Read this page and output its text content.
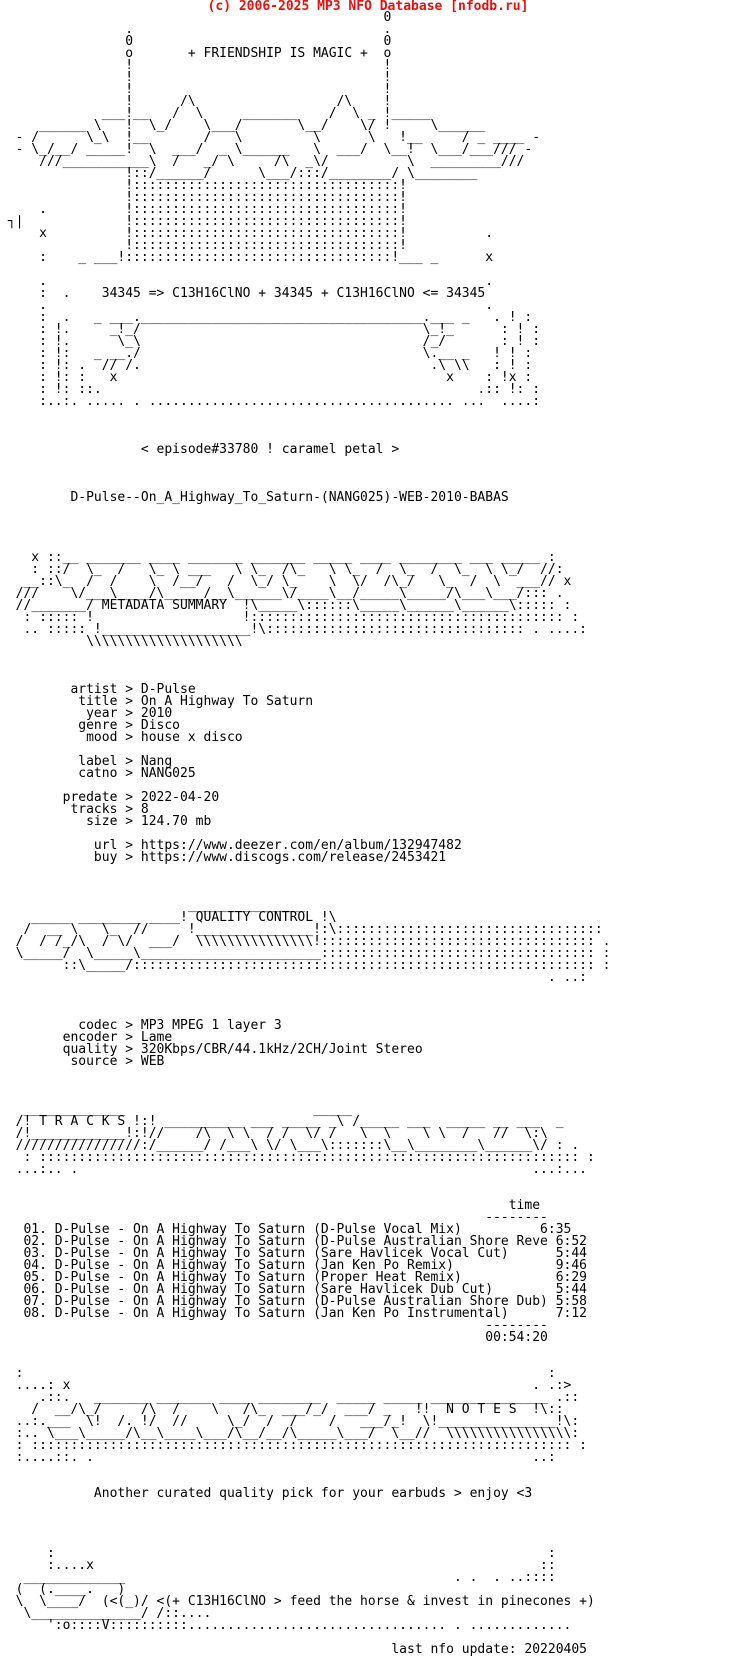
(c) 2006-2025 MP3 NFO Database [nfodb.ru]
0
.                                .
0                                0
o       + FRIENDSHIP IS MAGIC +  o
!                                !
!                                !
!                                !
!      /\                  /\    !
___!__   /  \     _______    /  \ _ !_____
______ \   !  \_/    \___/       \__/    \/ !     \______
- /      \_\  !__       /   \         \      \   !__     / _ ____ -
- \_/__/ _____!  \  ___/  _ \______   \  ___/  \__!  \___/___/// -
///___________\  /   _/ \     /\  _\/          \  _________///
!::/______/      \___/:::/________/ \________
!::::::::::::::::::::::::::::::::::!
!::::::::::::::::::::::::::::::::::!
.          !::::::::::::::::::::::::::::::::::!
┐|             !::::::::::::::::::::::::::::::::::!
x          !::::::::::::::::::::::::::::::::::!          .
!::::::::::::::::::::::::::::::::::!
:    _ ___!::::::::::::::::::::::::::::::::::!___ _      x

.                                                        .
:  .    34345 => C13H16ClNO + 34345 + C13H16ClNO <= 34345
.                                                        .
:  .   _ ___.____________________________________.___ _   . ! :
: !.     _!_/                                    \_!_      : ! :
: !.      \_\                                    /_/       : ! :
: !:   _ __./                                    \.__ _   ! ! :
: !: .  // /.                                     .\ \\   : ! :
: !: :   x                                          x    : !x :
: !: ::.                                                .:: !: :
:..:. ..... . ....................................... ...  ....:

< episode#33780 ! caramel petal >

D-Pulse--On_A_Highway_To_Saturn-(NANG025)-WEB-2010-BABAS

x ::__ _______ ____ _______ _______ _____ ____ ________ ___ _____ :
: ::/  \_  /   \_ \ ___   \ \_  /\_   \ \_  /  \_  /  \_  \ \_/  //:
__::\_  /  /    \  /__/   /  \_/ \_    \  \/  /\_/   \_  /  \  ___// x
///    \/___\____/\_____/__\______\/____\__/_____\_____/\___\___/::: .
//_______/ METADATA SUMMARY  !\_____\::::::\_____\______\______\::::: :
: ::::: !                   !:::::::::::::::::::::::::::::::::::::::: :
.. ::::: !___________________!\::::::::::::::::::::::::::::::::: . ....:
\\\\\\\\\\\\\\\\\\\\

artist > D-Pulse
title > On A Highway To Saturn
year > 2010
genre > Disco
mood > house x disco

label > Nang
catno > NANG025

predate > 2022-04-20
tracks > 8
size > 124.70 mb

url > https://www.deezer.com/en/album/132947482
buy > https://www.discogs.com/release/2453421

_______________
_____ ________ ____! QUALITY CONTROL !\
/  __ \   \_  //     !_______________!:\::::::::::::::::::::::::::::::::::
/  / /_/\  / \/  ___/  \\\\\\\\\\\\\\\!::::::::::::::::::::::::::::::::::: .
\_____/  \_____\_______________________::::::::::::::::::::::::::::::::::: :
::\_____/::::::::::::::::::::::::::::::::::::::::::::::::::::::::::: :
. ..:

codec > MP3 MPEG 1 layer 3
encoder > Lame
quality > 320Kbps/CBR/44.1kHz/2CH/Joint Stereo
source > WEB

_____________                        _____
/! T R A C K S !:! __________ ___ _____ _\ /_____ ___  _____ __ ___  _
/!____________!:!//    /\  \ \  / /  \/ /   \  \    \ \  /   //  \:\
////////////////:/______/ /___\ \/ \___\:::::::\__\________\______\/ : .
: ::::::::::::::::::::::::::::::::::::::::::::::::::::::::::::::::::::: :
...:.. .                                                          ...:...

time
--------
01. D-Pulse - On A Highway To Saturn (D-Pulse Vocal Mix)          6:35
02. D-Pulse - On A Highway To Saturn (D-Pulse Australian Shore Reve 6:52
03. D-Pulse - On A Highway To Saturn (Sare Havlicek Vocal Cut)      5:44
04. D-Pulse - On A Highway To Saturn (Jan Ken Po Remix)             9:46
05. D-Pulse - On A Highway To Saturn (Proper Heat Remix)            6:29
06. D-Pulse - On A Highway To Saturn (Sare Havlicek Dub Cut)        5:44
07. D-Pulse - On A Highway To Saturn (D-Pulse Australian Shore Dub) 5:58
08. D-Pulse - On A Highway To Saturn (Jan Ken Po Instrumental)      7:12
--------
00:54:20

:                                                                   :
....: x                                                           . .:>
.::.   _______ _______ ____ ________  _____ _____ _______________ .::
/  __/\_/     /\  /    \   /\_  ___/_/  ___/ _   !!  N O T E S  !\::
..:.___  \!  /. !/  //     \_/  /  /    /   ___/_!  \!_______________!\:
:.. \___\_____/\__\____\___/\__/__/\_____\___/  \__//  \\\\\\\\\\\\\\\\:
: ::::::::::::::::::::::::::::::::::::::::::::::::::::::::::::::::::::: :
:....::. .                                                        ..:

Another curated quality pick for your earbuds > enjoy <3

:                                                               :
:....x                                                         ::
_____________                                          . .  . ..::::
(  (.____.   )
\  \____/  (<(_)/ <(+ C13H16ClNO > feed the horse & invest in pinecones +)
\______________/ /::....
':o::::V::::::::::................................. . .............

last nfo update: 20220405
